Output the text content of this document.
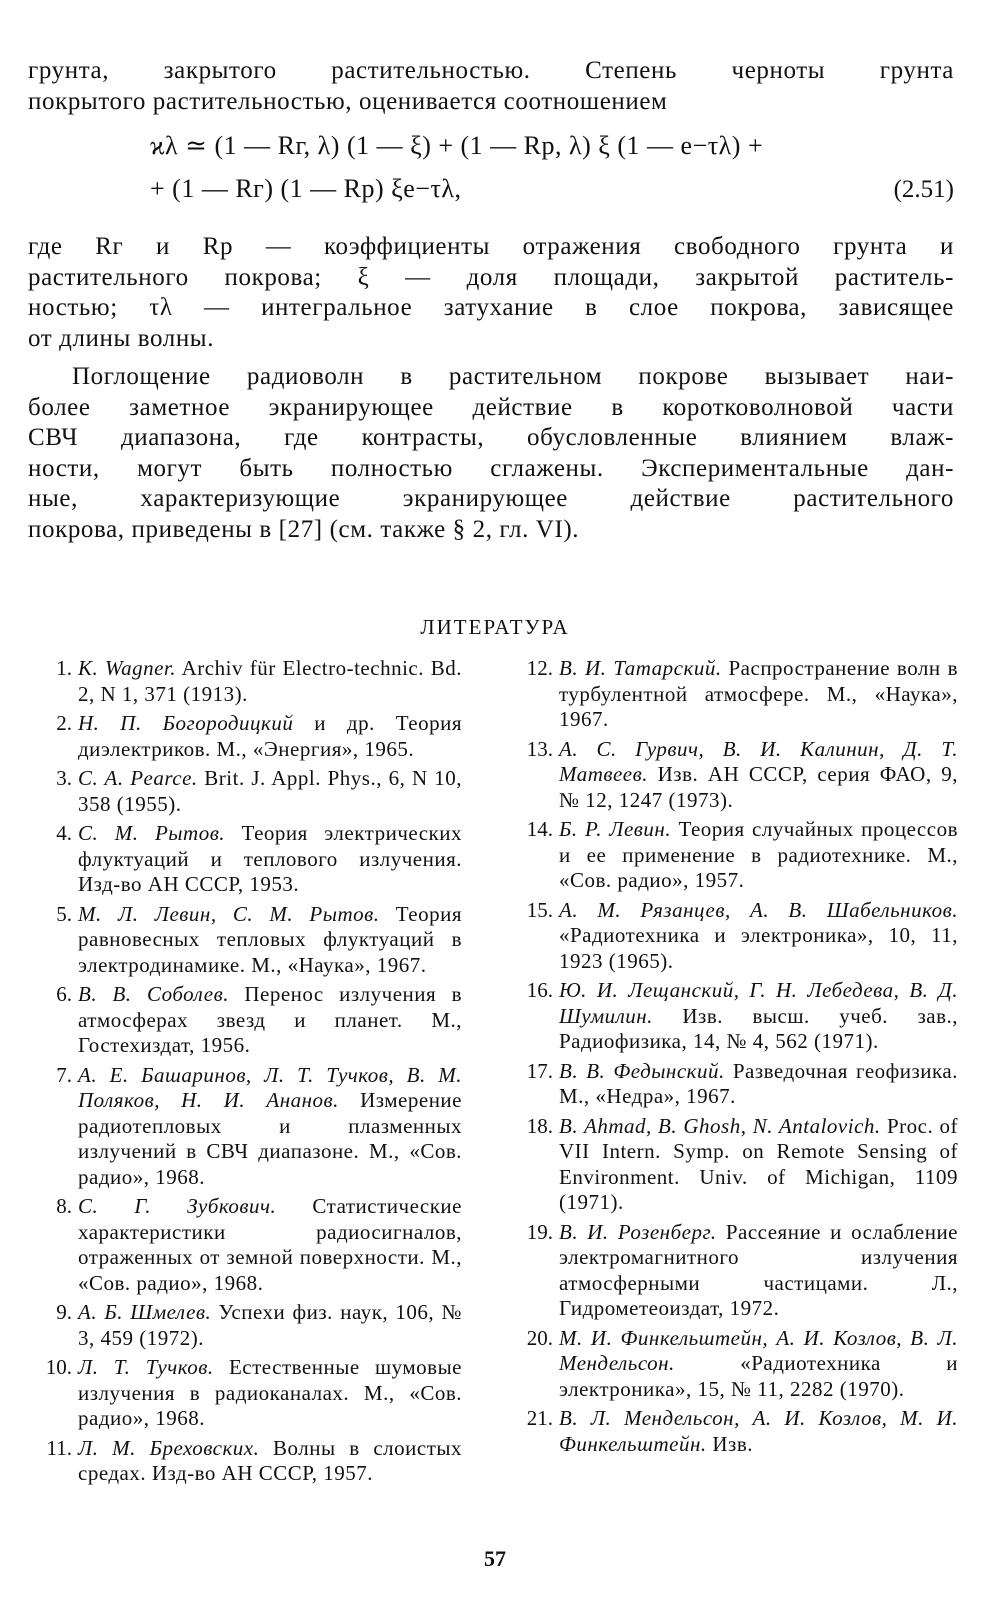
грунта, закрытого растительностью. Степень черноты грунта
покрытого растительностью, оценивается соотношением
ϰλ ≃ (1 — Rг, λ) (1 — ξ) + (1 — Rр, λ) ξ (1 — e−τλ) +
+ (1 — Rг) (1 — Rр) ξe−τλ,	(2.51)
где Rг и Rр — коэффициенты отражения свободного грунта и
растительного покрова; ξ — доля площади, закрытой раститель-
ностью; τλ — интегральное затухание в слое покрова, зависящее
от длины волны.
Поглощение радиоволн в растительном покрове вызывает наи-
более заметное экранирующее действие в коротковолновой части
СВЧ диапазона, где контрасты, обусловленные влиянием влаж-
ности, могут быть полностью сглажены. Экспериментальные дан-
ные, характеризующие экранирующее действие растительного
покрова, приведены в [27] (см. также § 2, гл. VI).
ЛИТЕРАТУРА
1. K. Wagner. Archiv für Electro-technic. Bd. 2, N 1, 371 (1913).
2. Н. П. Богородицкий и др. Теория диэлектриков. М., «Энергия», 1965.
3. C. A. Pearce. Brit. J. Appl. Phys., 6, N 10, 358 (1955).
4. С. М. Рытов. Теория электрических флуктуаций и теплового излучения. Изд-во АН СССР, 1953.
5. М. Л. Левин, С. М. Рытов. Теория равновесных тепловых флуктуаций в электродинамике. М., «Наука», 1967.
6. В. В. Соболев. Перенос излучения в атмосферах звезд и планет. М., Гостехиздат, 1956.
7. А. Е. Башаринов, Л. Т. Тучков, В. М. Поляков, Н. И. Ананов. Измерение радиотепловых и плазменных излучений в СВЧ диапазоне. М., «Сов. радио», 1968.
8. С. Г. Зубкович. Статистические характеристики радиосигналов, отраженных от земной поверхности. М., «Сов. радио», 1968.
9. А. Б. Шмелев. Успехи физ. наук, 106, № 3, 459 (1972).
10. Л. Т. Тучков. Естественные шумовые излучения в радиоканалах. М., «Сов. радио», 1968.
11. Л. М. Бреховских. Волны в слоистых средах. Изд-во АН СССР, 1957.
12. В. И. Татарский. Распространение волн в турбулентной атмосфере. М., «Наука», 1967.
13. А. С. Гурвич, В. И. Калинин, Д. Т. Матвеев. Изв. АН СССР, серия ФАО, 9, № 12, 1247 (1973).
14. Б. Р. Левин. Теория случайных процессов и ее применение в радиотехнике. М., «Сов. радио», 1957.
15. А. М. Рязанцев, А. В. Шабельников. «Радиотехника и электроника», 10, 11, 1923 (1965).
16. Ю. И. Лещанский, Г. Н. Лебедева, В. Д. Шумилин. Изв. высш. учеб. зав., Радиофизика, 14, № 4, 562 (1971).
17. В. В. Федынский. Разведочная геофизика. М., «Недра», 1967.
18. B. Ahmad, B. Ghosh, N. Antalovich. Proc. of VII Intern. Symp. on Remote Sensing of Environment. Univ. of Michigan, 1109 (1971).
19. В. И. Розенберг. Рассеяние и ослабление электромагнитного излучения атмосферными частицами. Л., Гидрометеоиздат, 1972.
20. М. И. Финкельштейн, А. И. Козлов, В. Л. Мендельсон. «Радиотехника и электроника», 15, № 11, 2282 (1970).
21. В. Л. Мендельсон, А. И. Козлов, М. И. Финкельштейн. Изв.
57
